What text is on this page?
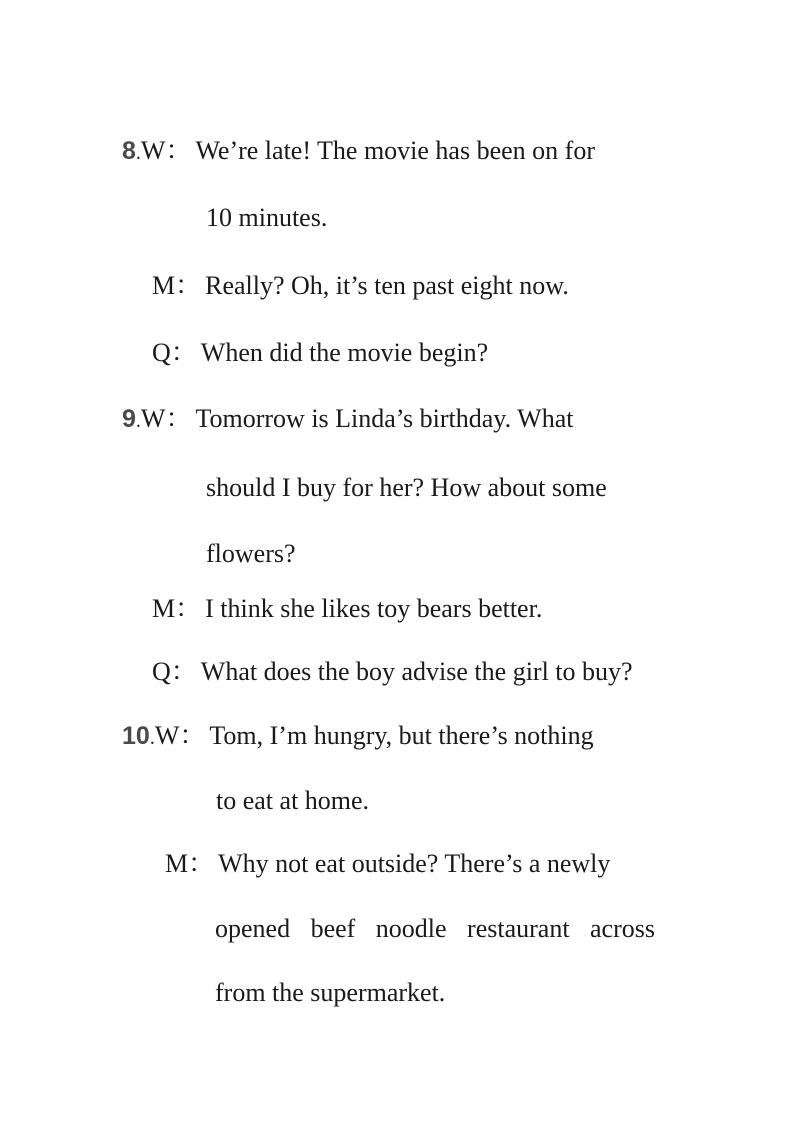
8.W： We’re late! The movie has been on for
10 minutes.
M： Really? Oh, it’s ten past eight now.
Q： When did the movie begin?
9.W： Tomorrow is Linda’s birthday. What
should I buy for her? How about some
flowers?
M： I think she likes toy bears better.
Q： What does the boy advise the girl to buy?
10.W： Tom, I’m hungry, but there’s nothing
to eat at home.
M： Why not eat outside? There’s a newly
opened beef noodle restaurant across
from the supermarket.
